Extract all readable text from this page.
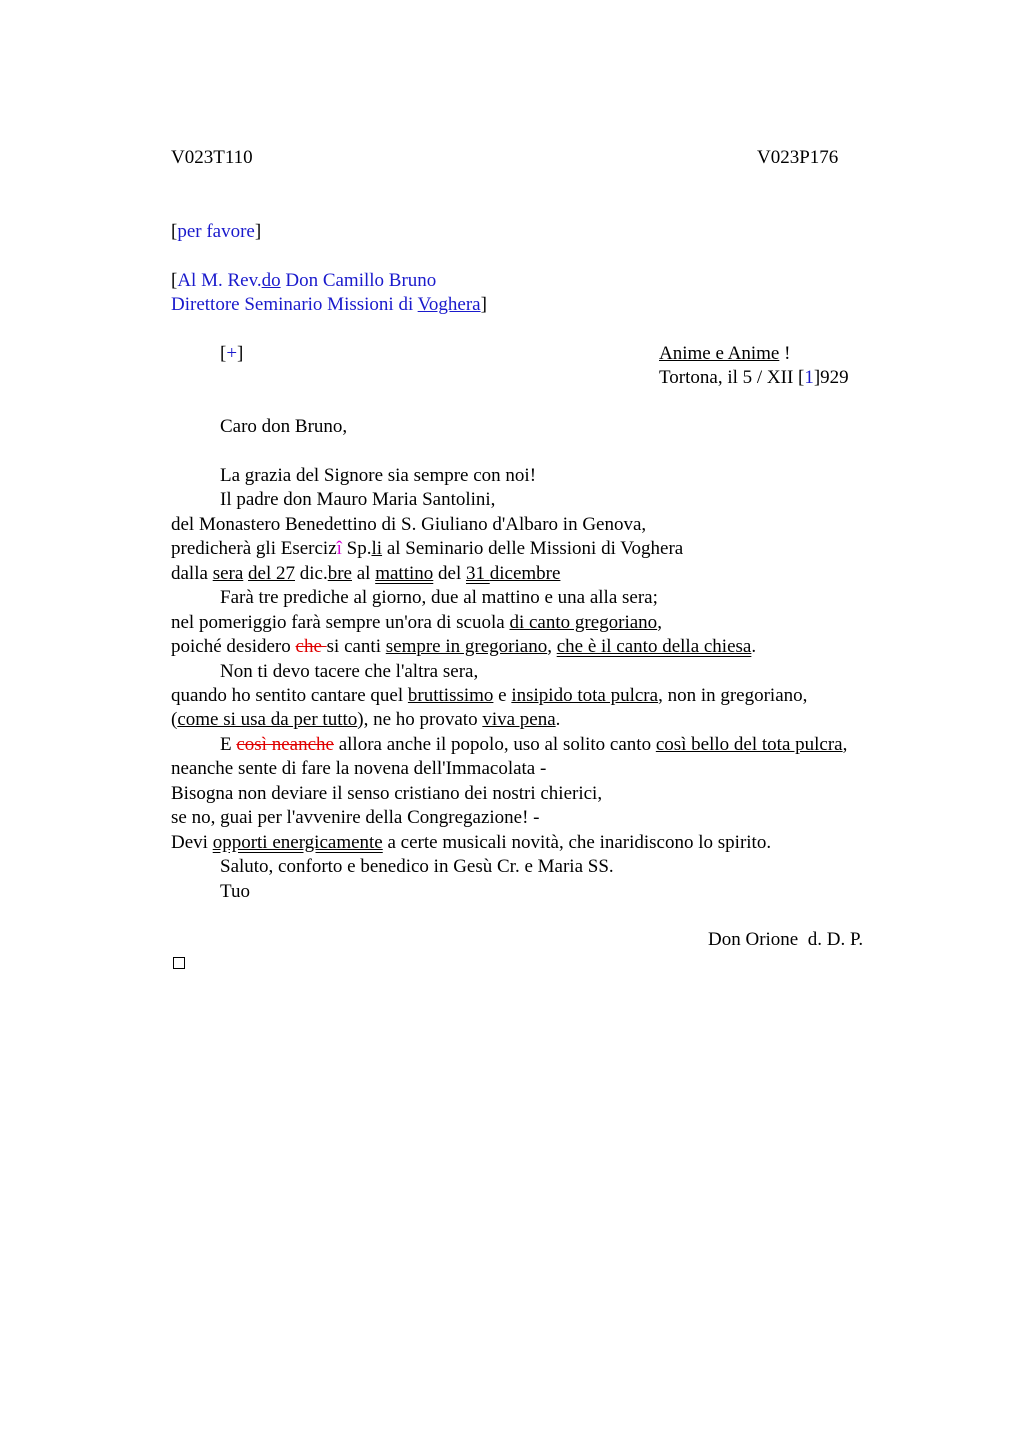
V023T110	V023P176
[per favore]
[Al M. Rev.do Don Camillo Bruno
Direttore Seminario Missioni di Voghera]
[+]	Anime e Anime !
Tortona, il 5 / XII [1]929
Caro don Bruno,
La grazia del Signore sia sempre con noi!
Il padre don Mauro Maria Santolini,
del Monastero Benedettino di S. Giuliano d'Albaro in Genova,
predicherà gli Esercizî Sp.li al Seminario delle Missioni di Voghera
dalla sera del 27 dic.bre al mattino del 31 dicembre
Farà tre prediche al giorno, due al mattino e una alla sera;
nel pomeriggio farà sempre un'ora di scuola di canto gregoriano,
poiché desidero che si canti sempre in gregoriano, che è il canto della chiesa.
Non ti devo tacere che l'altra sera,
quando ho sentito cantare quel bruttissimo e insipido tota pulcra, non in gregoriano,
(come si usa da per tutto), ne ho provato viva pena.
E così neanche allora anche il popolo, uso al solito canto così bello del tota pulcra,
neanche sente di fare la novena dell'Immacolata -
Bisogna non deviare il senso cristiano dei nostri chierici,
se no, guai per l'avvenire della Congregazione! -
Devi opporti energicamente a certe musicali novità, che inaridiscono lo spirito.
Saluto, conforto e benedico in Gesù Cr. e Maria SS.
Tuo
Don Orione  d. D. P.
